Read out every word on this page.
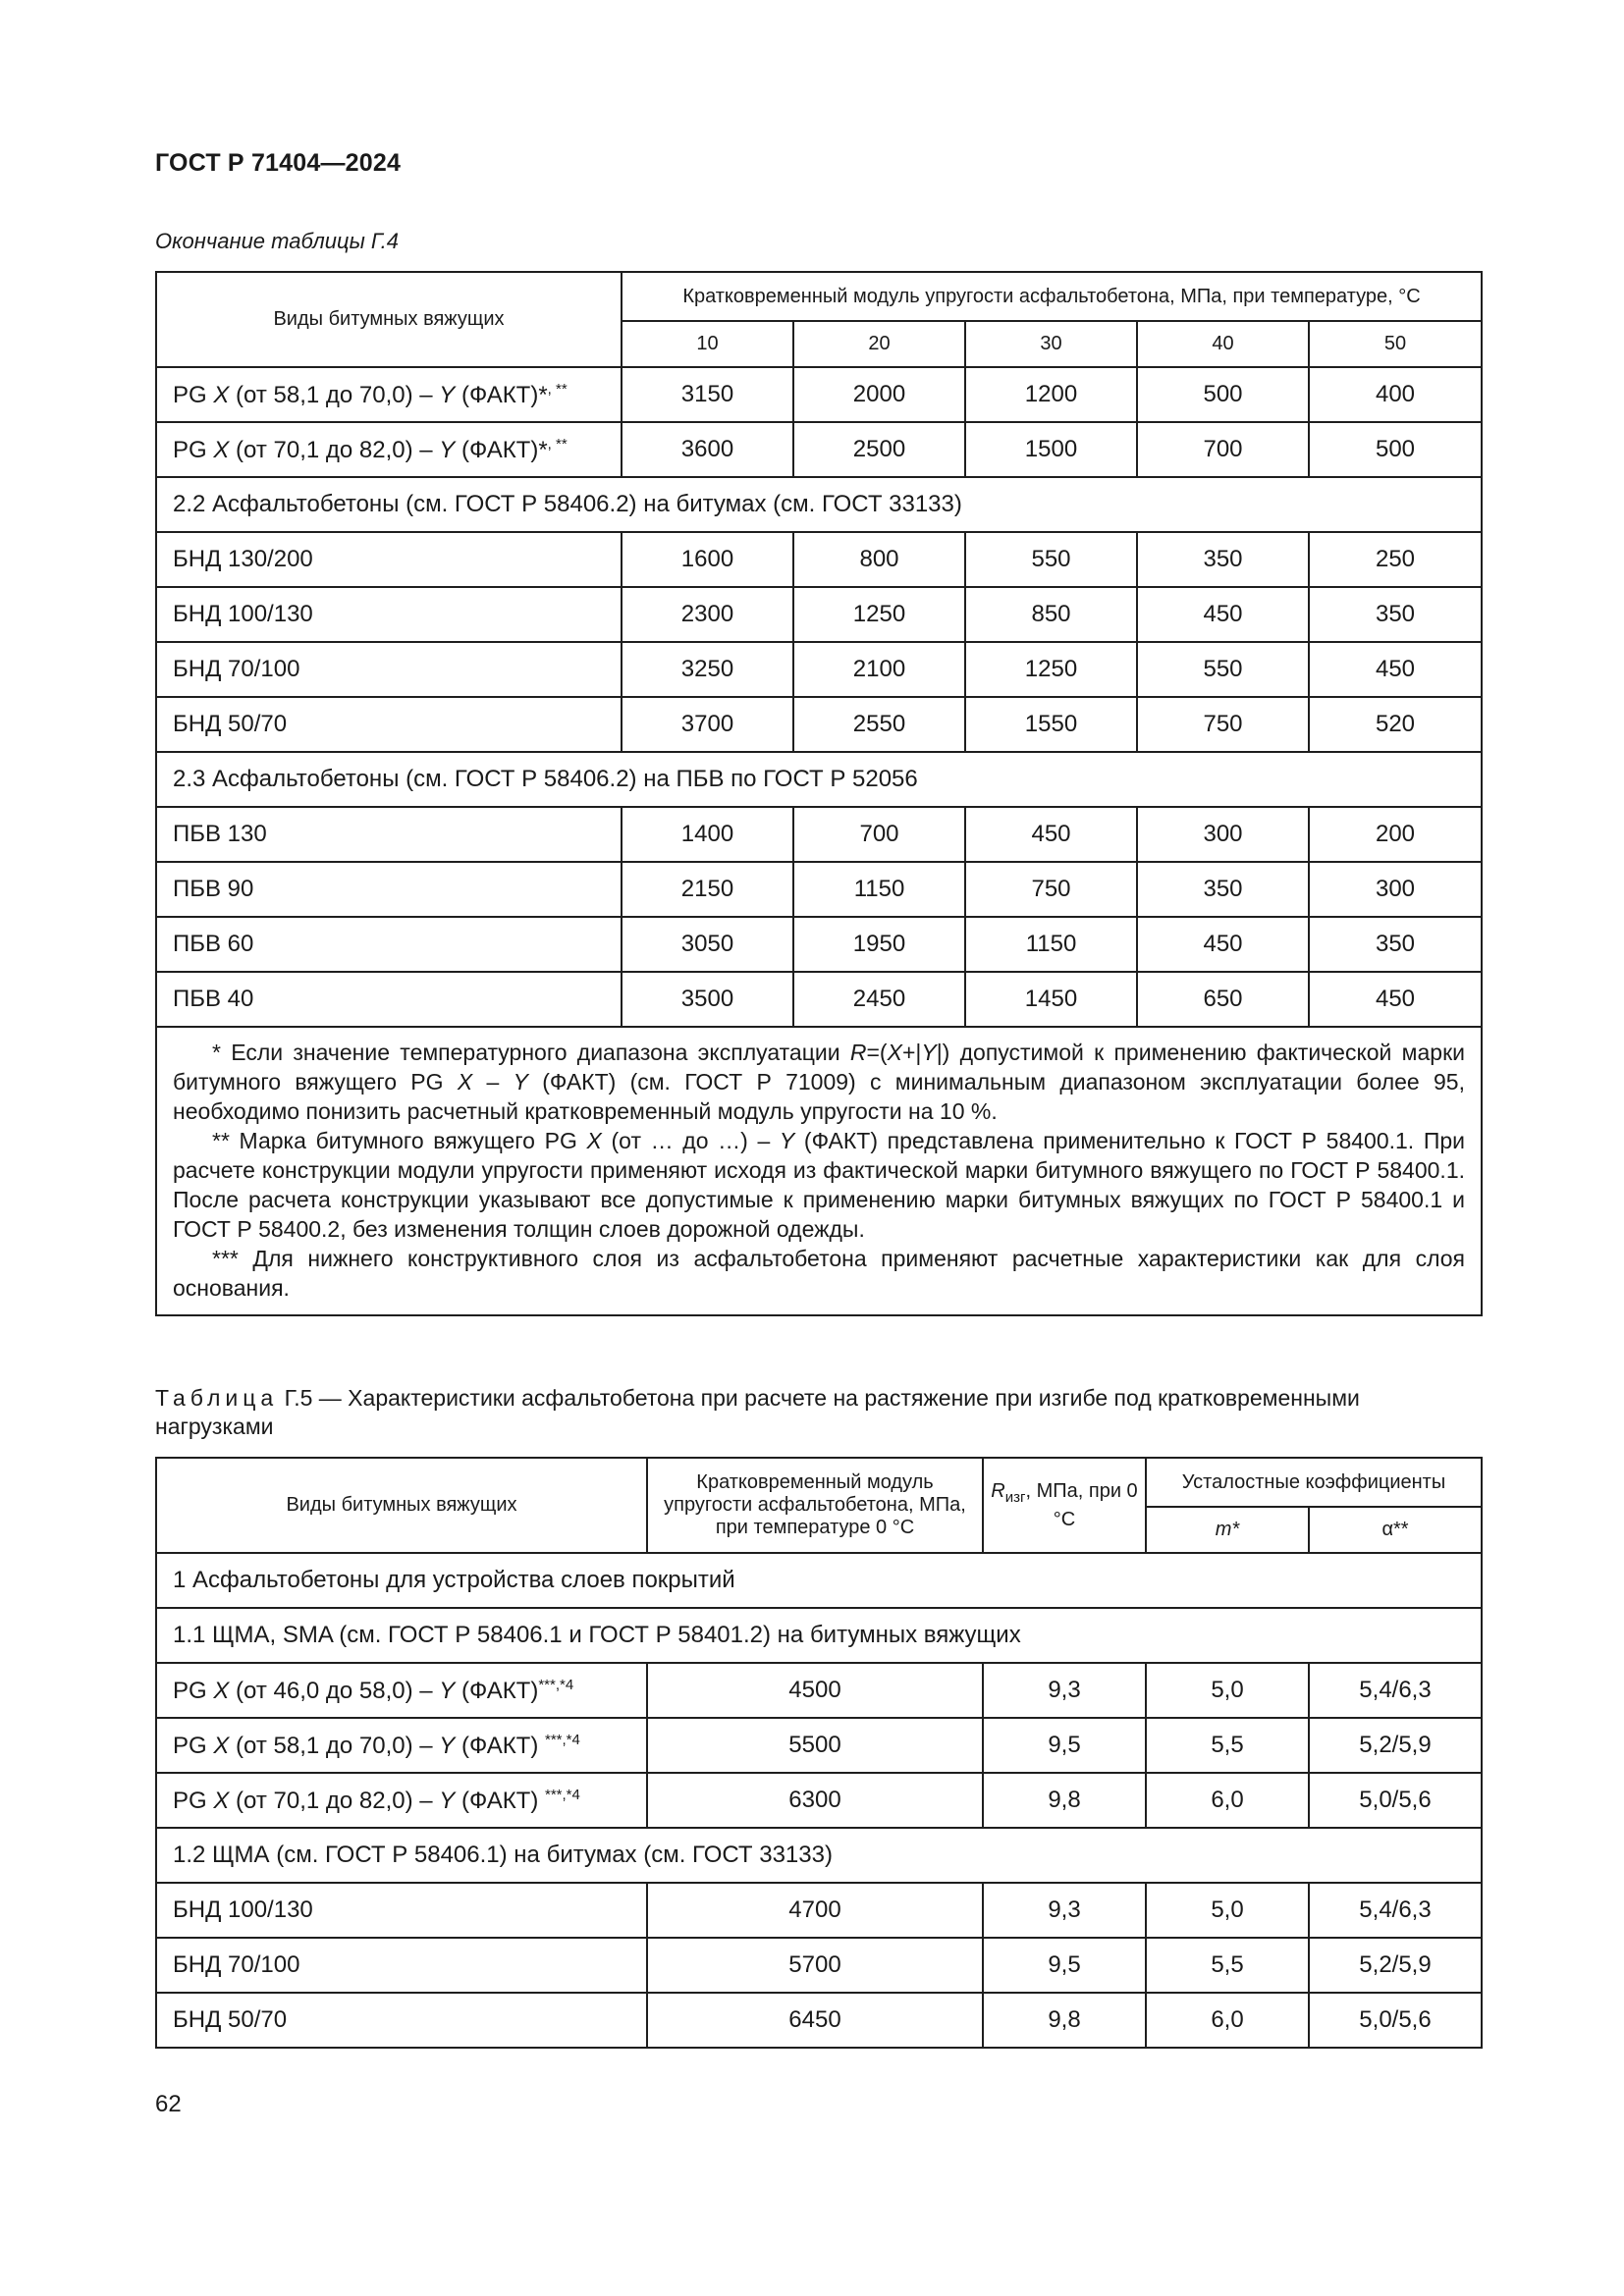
ГОСТ Р 71404—2024
Окончание таблицы Г.4
Виды битумных вяжущих	Кратковременный модуль упругости асфальтобетона, МПа, при температуре, °С				
	10	20	30	40	50
PG X (от 58,1 до 70,0) – Y (ФАКТ)*, **	3150	2000	1200	500	400
PG X (от 70,1 до 82,0) – Y (ФАКТ)*, **	3600	2500	1500	700	500
2.2 Асфальтобетоны (см. ГОСТ Р 58406.2) на битумах (см. ГОСТ 33133)					
БНД 130/200	1600	800	550	350	250
БНД 100/130	2300	1250	850	450	350
БНД 70/100	3250	2100	1250	550	450
БНД 50/70	3700	2550	1550	750	520
2.3 Асфальтобетоны (см. ГОСТ Р 58406.2) на ПБВ по ГОСТ Р 52056					
ПБВ 130	1400	700	450	300	200
ПБВ 90	2150	1150	750	350	300
ПБВ 60	3050	1950	1150	450	350
ПБВ 40	3500	2450	1450	650	450

* Если значение температурного диапазона эксплуатации R=(X+|Y|) допустимой к применению фактической марки битумного вяжущего PG X – Y (ФАКТ) (см. ГОСТ Р 71009) с минимальным диапазоном эксплуатации более 95, необходимо понизить расчетный кратковременный модуль упругости на 10 %.

** Марка битумного вяжущего PG X (от … до …) – Y (ФАКТ) представлена применительно к ГОСТ Р 58400.1. При расчете конструкции модули упругости применяют исходя из фактической марки битумного вяжущего по ГОСТ Р 58400.1. После расчета конструкции указывают все допустимые к применению марки битумных вяжущих по ГОСТ Р 58400.1 и ГОСТ Р 58400.2, без изменения толщин слоев дорожной одежды.

*** Для нижнего конструктивного слоя из асфальтобетона применяют расчетные характеристики как для слоя основания.					

Таблица Г.5 — Характеристики асфальтобетона при расчете на растяжение при изгибе под кратковременными нагрузками
Виды битумных вяжущих	Кратковременный модуль упругости асфальтобетона, МПа, при температуре 0 °С	$R_{изг}$, МПа, при 0 °С	Усталостные коэффициенты	
			m*	α**
1 Асфальтобетоны для устройства слоев покрытий				
1.1 ЩМА, SMA (см. ГОСТ Р 58406.1 и ГОСТ Р 58401.2) на битумных вяжущих				
PG X (от 46,0 до 58,0) – Y (ФАКТ)$^{***,*4}$	4500	9,3	5,0	5,4/6,3
PG X (от 58,1 до 70,0) – Y (ФАКТ) $^{***,*4}$	5500	9,5	5,5	5,2/5,9
PG X (от 70,1 до 82,0) – Y (ФАКТ) $^{***,*4}$	6300	9,8	6,0	5,0/5,6
1.2 ЩМА (см. ГОСТ Р 58406.1) на битумах (см. ГОСТ 33133)				
БНД 100/130	4700	9,3	5,0	5,4/6,3
БНД 70/100	5700	9,5	5,5	5,2/5,9
БНД 50/70	6450	9,8	6,0	5,0/5,6
62
